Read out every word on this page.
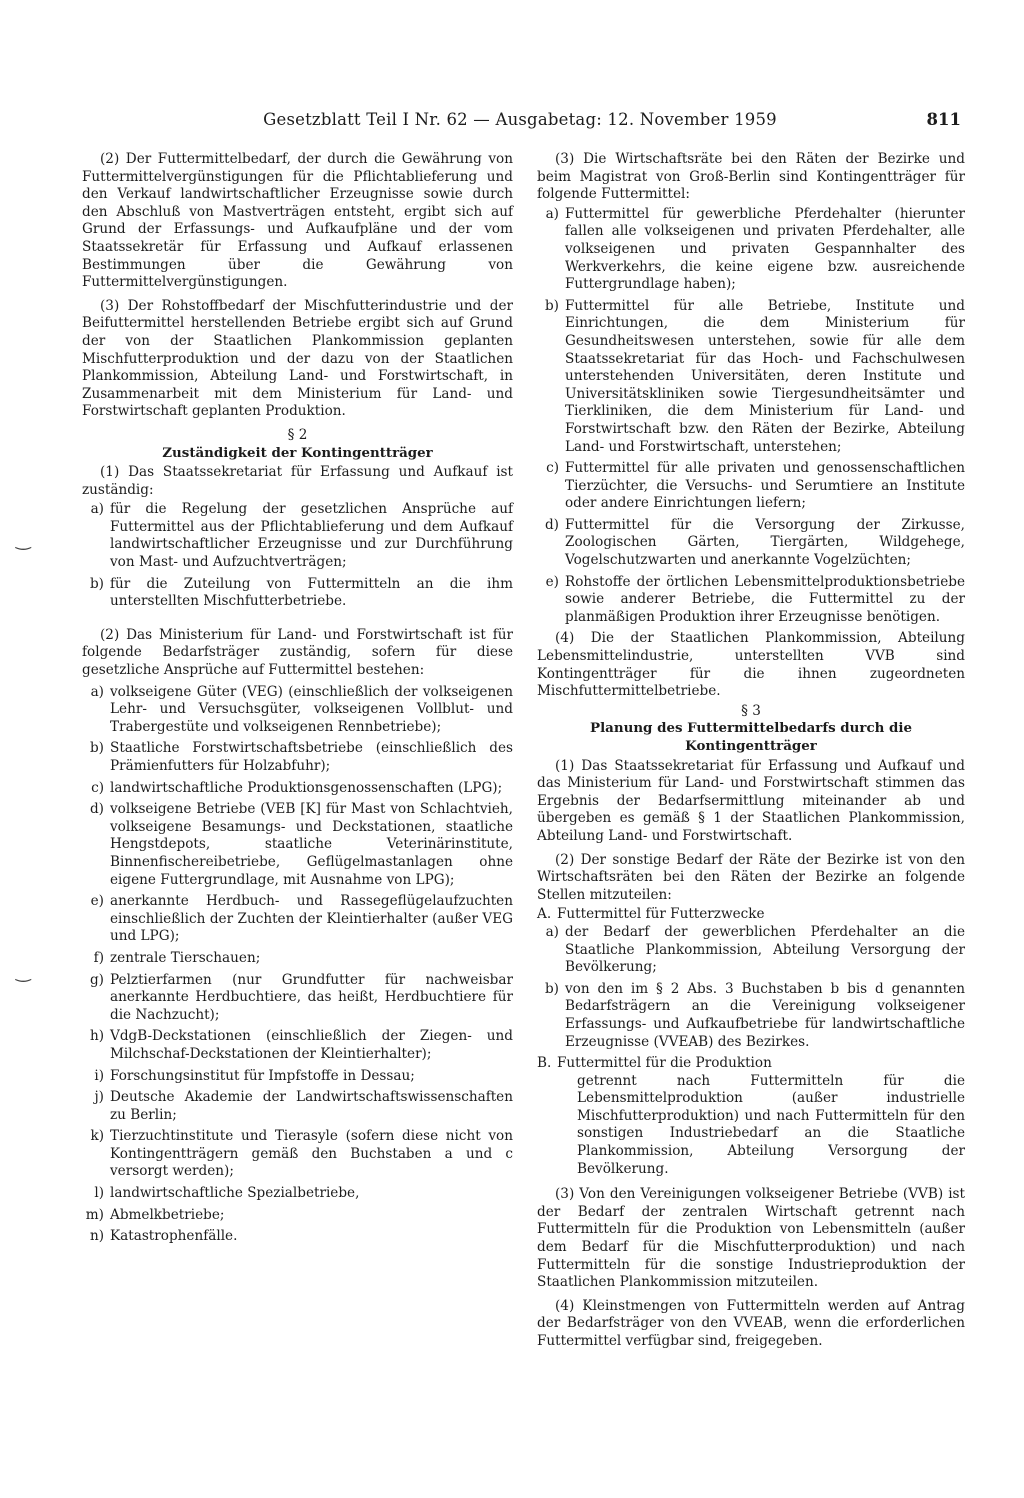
Gesetzblatt Teil I Nr. 62 — Ausgabetag: 12. November 1959	811
‿
‿

(2) Der Futtermittelbedarf, der durch die Gewährung von Futtermittelvergünstigungen für die Pflichtablieferung und den Verkauf landwirtschaftlicher Erzeugnisse sowie durch den Abschluß von Mastverträgen entsteht, ergibt sich auf Grund der Erfassungs- und Aufkaufpläne und der vom Staatssekretär für Erfassung und Aufkauf erlassenen Bestimmungen über die Gewährung von Futtermittelvergünstigungen.

(3) Der Rohstoffbedarf der Mischfutterindustrie und der Beifuttermittel herstellenden Betriebe ergibt sich auf Grund der von der Staatlichen Plankommission geplanten Mischfutterproduktion und der dazu von der Staatlichen Plankommission, Abteilung Land- und Forstwirtschaft, in Zusammenarbeit mit dem Ministerium für Land- und Forstwirtschaft geplanten Produktion.

§ 2
Zuständigkeit der Kontingentträger

(1) Das Staatssekretariat für Erfassung und Aufkauf ist zuständig:

a) für die Regelung der gesetzlichen Ansprüche auf Futtermittel aus der Pflichtablieferung und dem Aufkauf landwirtschaftlicher Erzeugnisse und zur Durchführung von Mast- und Aufzuchtverträgen;
b) für die Zuteilung von Futtermitteln an die ihm unterstellten Mischfutterbetriebe.

(2) Das Ministerium für Land- und Forstwirtschaft ist für folgende Bedarfsträger zuständig, sofern für diese gesetzliche Ansprüche auf Futtermittel bestehen:

a) volkseigene Güter (VEG) (einschließlich der volkseigenen Lehr- und Versuchsgüter, volkseigenen Vollblut- und Trabergestüte und volkseigenen Rennbetriebe);
b) Staatliche Forstwirtschaftsbetriebe (einschließlich des Prämienfutters für Holzabfuhr);
c) landwirtschaftliche Produktionsgenossenschaften (LPG);
d) volkseigene Betriebe (VEB [K] für Mast von Schlachtvieh, volkseigene Besamungs- und Deckstationen, staatliche Hengstdepots, staatliche Veterinärinstitute, Binnenfischereibetriebe, Geflügelmastanlagen ohne eigene Futtergrundlage, mit Ausnahme von LPG);
e) anerkannte Herdbuch- und Rassegeflügelaufzuchten einschließlich der Zuchten der Kleintierhalter (außer VEG und LPG);
f) zentrale Tierschauen;
g) Pelztierfarmen (nur Grundfutter für nachweisbar anerkannte Herdbuchtiere, das heißt, Herdbuchtiere für die Nachzucht);
h) VdgB-Deckstationen (einschließlich der Ziegen- und Milchschaf-Deckstationen der Kleintierhalter);
i) Forschungsinstitut für Impfstoffe in Dessau;
j) Deutsche Akademie der Landwirtschaftswissenschaften zu Berlin;
k) Tierzuchtinstitute und Tierasyle (sofern diese nicht von Kontingentträgern gemäß den Buchstaben a und c versorgt werden);
l) landwirtschaftliche Spezialbetriebe,
m) Abmelkbetriebe;
n) Katastrophenfälle.

(3) Die Wirtschaftsräte bei den Räten der Bezirke und beim Magistrat von Groß-Berlin sind Kontingentträger für folgende Futtermittel:

a) Futtermittel für gewerbliche Pferdehalter (hierunter fallen alle volkseigenen und privaten Pferdehalter, alle volkseigenen und privaten Gespannhalter des Werkverkehrs, die keine eigene bzw. ausreichende Futtergrundlage haben);
b) Futtermittel für alle Betriebe, Institute und Einrichtungen, die dem Ministerium für Gesundheitswesen unterstehen, sowie für alle dem Staatssekretariat für das Hoch- und Fachschulwesen unterstehenden Universitäten, deren Institute und Universitätskliniken sowie Tiergesundheitsämter und Tierkliniken, die dem Ministerium für Land- und Forstwirtschaft bzw. den Räten der Bezirke, Abteilung Land- und Forstwirtschaft, unterstehen;
c) Futtermittel für alle privaten und genossenschaftlichen Tierzüchter, die Versuchs- und Serumtiere an Institute oder andere Einrichtungen liefern;
d) Futtermittel für die Versorgung der Zirkusse, Zoologischen Gärten, Tiergärten, Wildgehege, Vogelschutzwarten und anerkannte Vogelzüchten;
e) Rohstoffe der örtlichen Lebensmittelproduktionsbetriebe sowie anderer Betriebe, die Futtermittel zu der planmäßigen Produktion ihrer Erzeugnisse benötigen.

(4) Die der Staatlichen Plankommission, Abteilung Lebensmittelindustrie, unterstellten VVB sind Kontingentträger für die ihnen zugeordneten Mischfuttermittelbetriebe.

§ 3
Planung des Futtermittelbedarfs durch die Kontingentträger

(1) Das Staatssekretariat für Erfassung und Aufkauf und das Ministerium für Land- und Forstwirtschaft stimmen das Ergebnis der Bedarfsermittlung miteinander ab und übergeben es gemäß § 1 der Staatlichen Plankommission, Abteilung Land- und Forstwirtschaft.

(2) Der sonstige Bedarf der Räte der Bezirke ist von den Wirtschaftsräten bei den Räten der Bezirke an folgende Stellen mitzuteilen:

A. Futtermittel für Futterzwecke
a) der Bedarf der gewerblichen Pferdehalter an die Staatliche Plankommission, Abteilung Versorgung der Bevölkerung;
b) von den im § 2 Abs. 3 Buchstaben b bis d genannten Bedarfsträgern an die Vereinigung volkseigener Erfassungs- und Aufkaufbetriebe für landwirtschaftliche Erzeugnisse (VVEAB) des Bezirkes.
B. Futtermittel für die Produktion

getrennt nach Futtermitteln für die Lebensmittelproduktion (außer industrielle Mischfutterproduktion) und nach Futtermitteln für den sonstigen Industriebedarf an die Staatliche Plankommission, Abteilung Versorgung der Bevölkerung.

(3) Von den Vereinigungen volkseigener Betriebe (VVB) ist der Bedarf der zentralen Wirtschaft getrennt nach Futtermitteln für die Produktion von Lebensmitteln (außer dem Bedarf für die Mischfutterproduktion) und nach Futtermitteln für die sonstige Industrieproduktion der Staatlichen Plankommission mitzuteilen.

(4) Kleinstmengen von Futtermitteln werden auf Antrag der Bedarfsträger von den VVEAB, wenn die erforderlichen Futtermittel verfügbar sind, freigegeben.
